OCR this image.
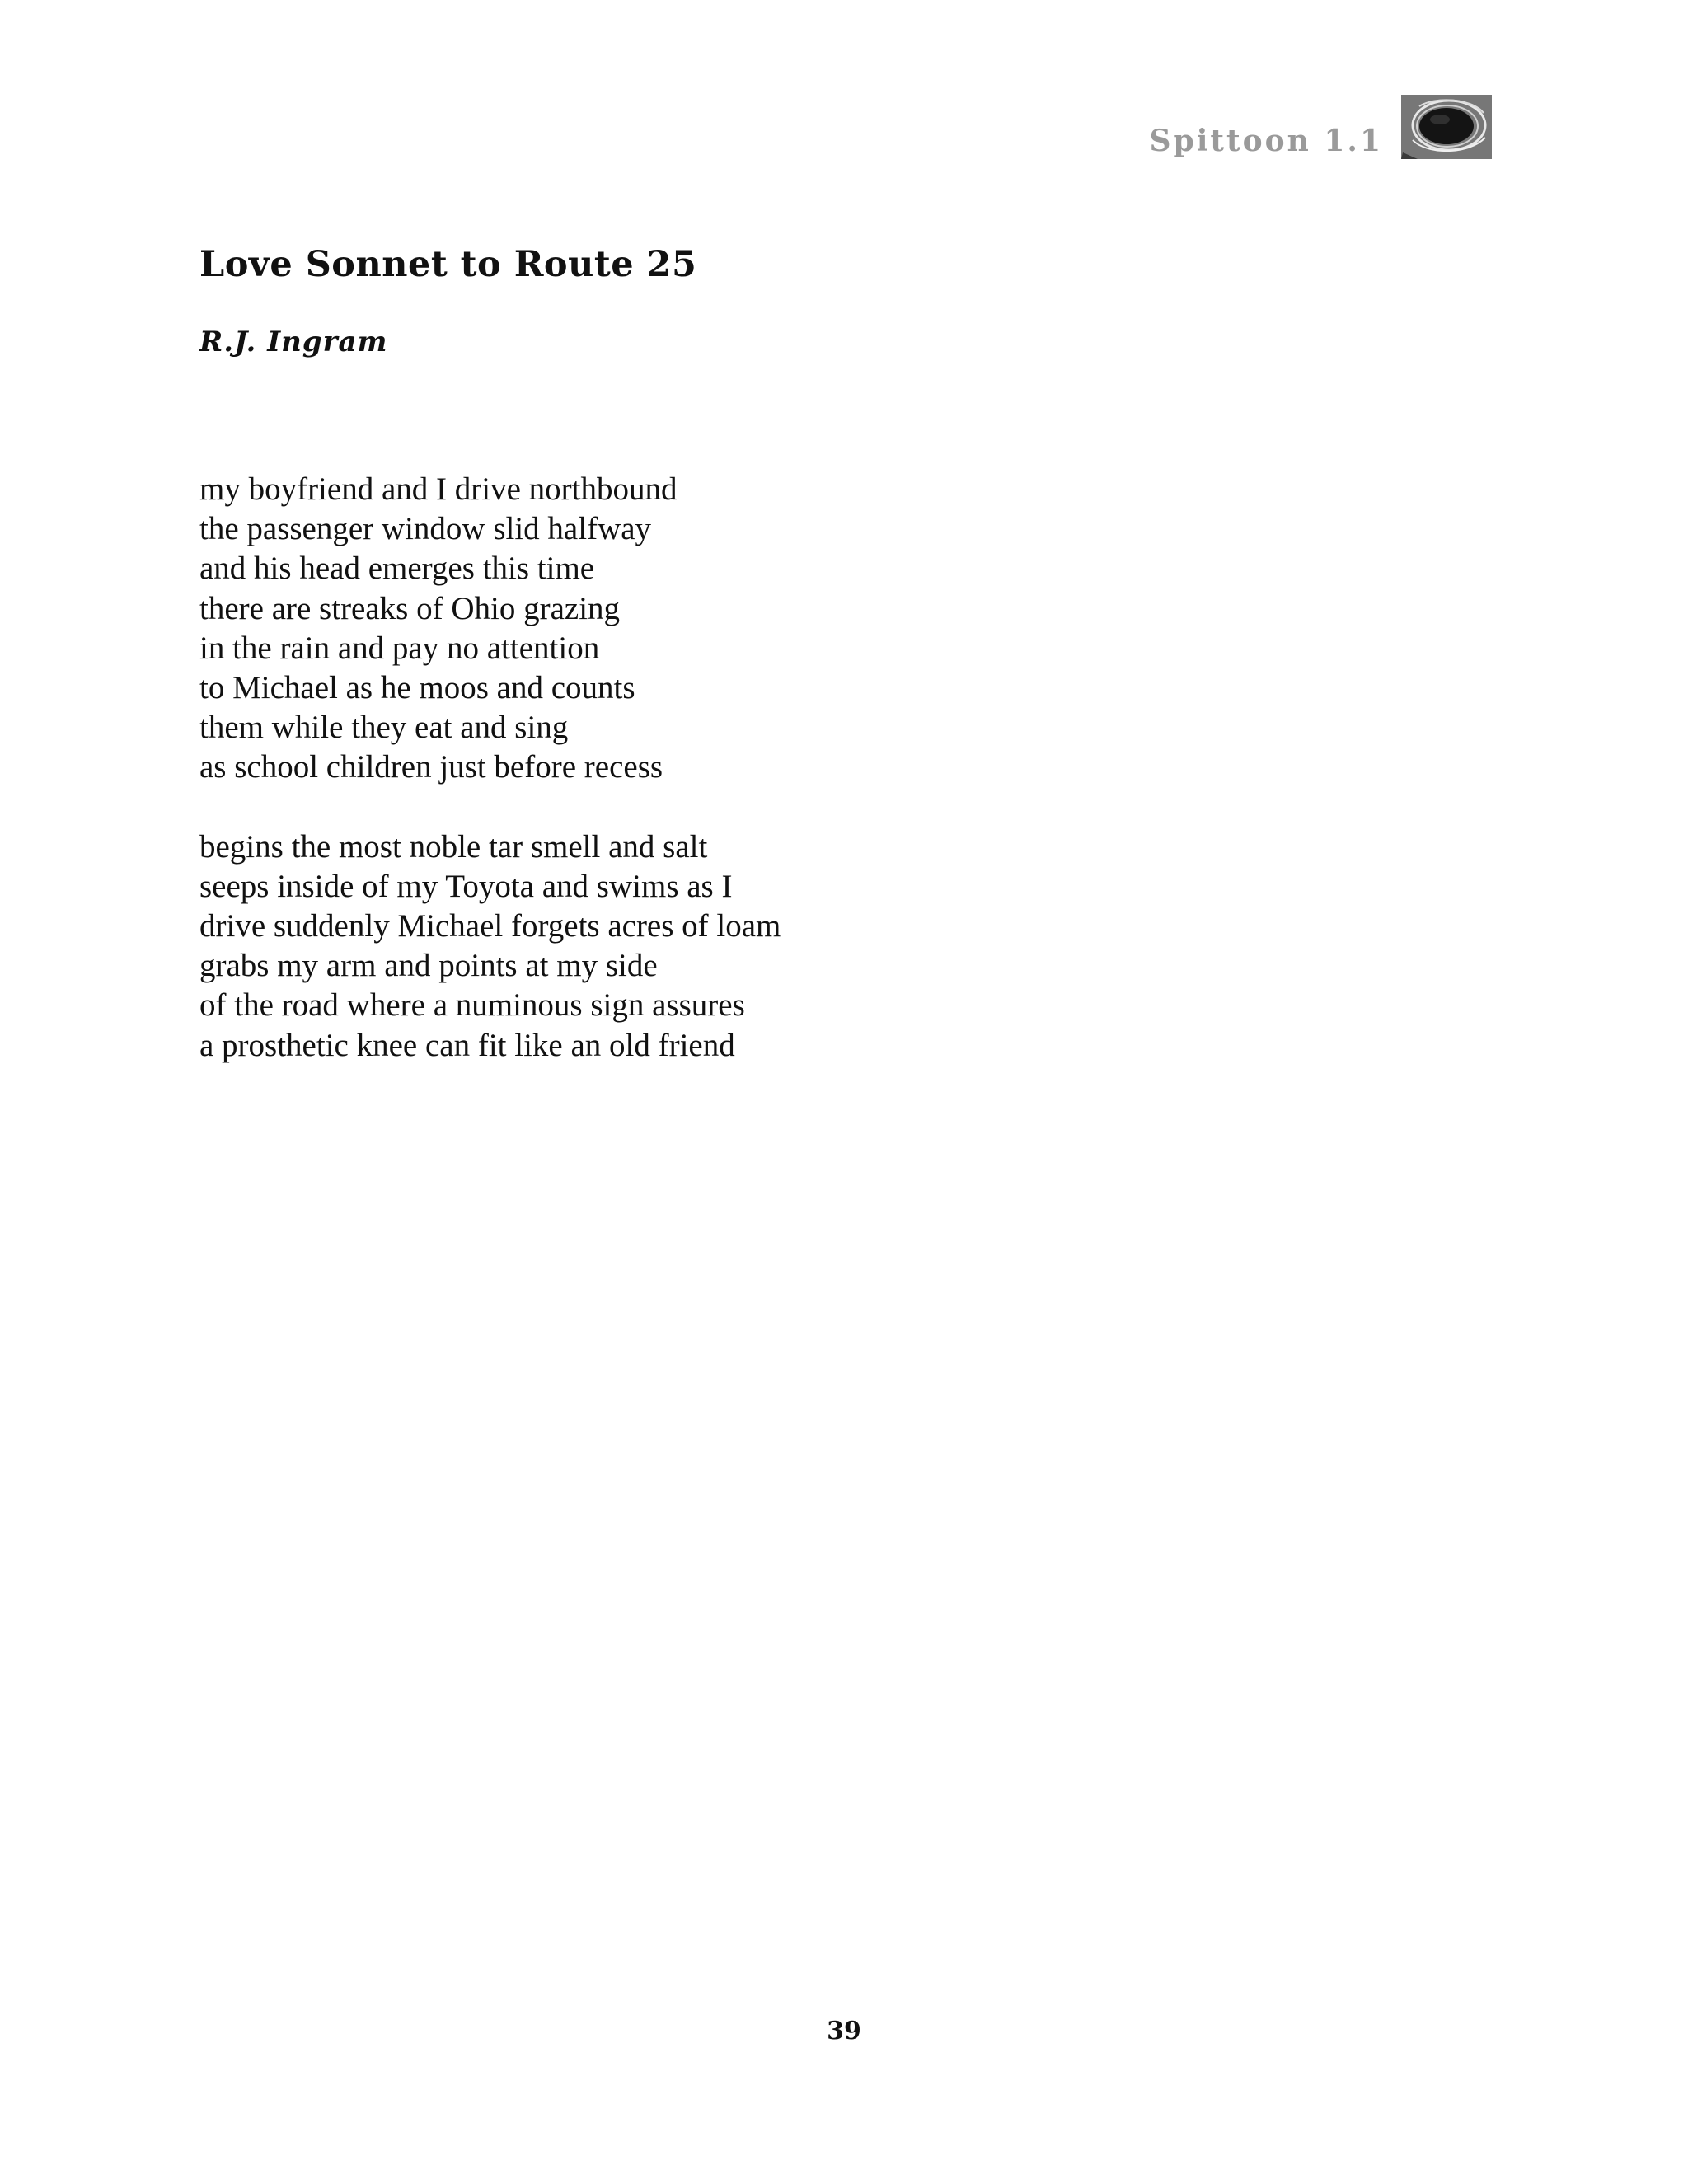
Spittoon 1.1
Love Sonnet to Route 25
R.J. Ingram
my boyfriend and I drive northbound
the passenger window slid halfway
and his head emerges this time
there are streaks of Ohio grazing
in the rain and pay no attention
to Michael as he moos and counts
them while they eat and sing
as school children just before recess
begins the most noble tar smell and salt
seeps inside of my Toyota and swims as I
drive suddenly Michael forgets acres of loam
grabs my arm and points at my side
of the road where a numinous sign assures
a prosthetic knee can fit like an old friend
39
